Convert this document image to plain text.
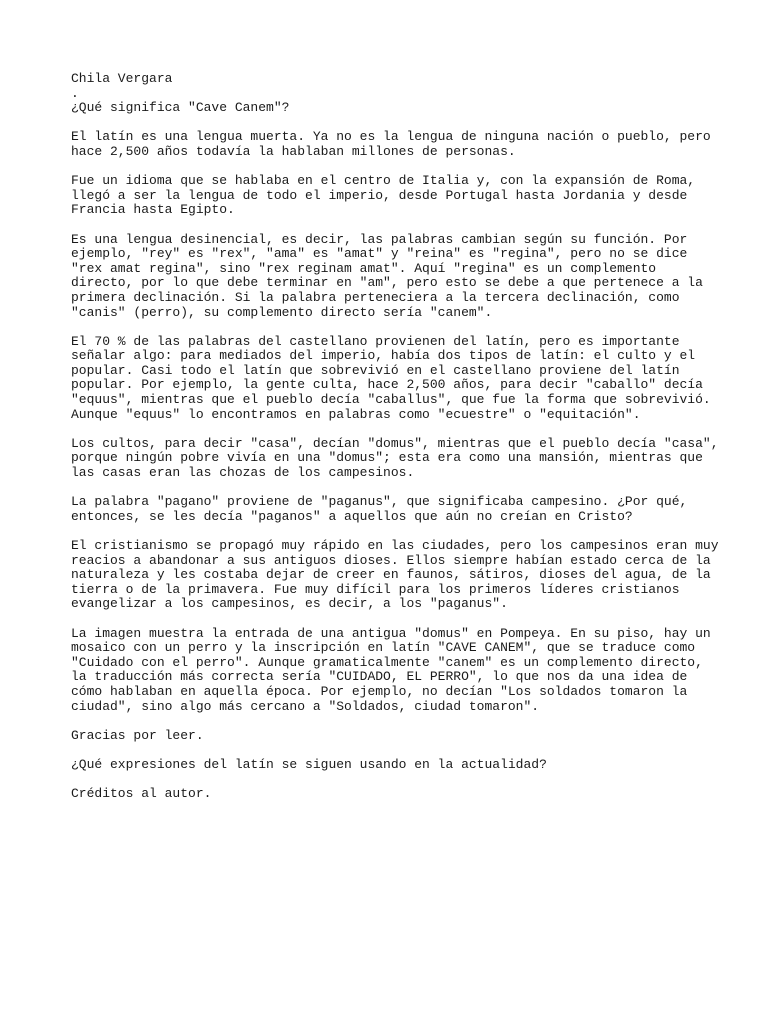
Chila Vergara
.
¿Qué significa "Cave Canem"?
El latín es una lengua muerta. Ya no es la lengua de ninguna nación o pueblo, pero
hace 2,500 años todavía la hablaban millones de personas.
Fue un idioma que se hablaba en el centro de Italia y, con la expansión de Roma,
llegó a ser la lengua de todo el imperio, desde Portugal hasta Jordania y desde
Francia hasta Egipto.
Es una lengua desinencial, es decir, las palabras cambian según su función. Por
ejemplo, "rey" es "rex", "ama" es "amat" y "reina" es "regina", pero no se dice
"rex amat regina", sino "rex reginam amat". Aquí "regina" es un complemento
directo, por lo que debe terminar en "am", pero esto se debe a que pertenece a la
primera declinación. Si la palabra perteneciera a la tercera declinación, como
"canis" (perro), su complemento directo sería "canem".
El 70 % de las palabras del castellano provienen del latín, pero es importante
señalar algo: para mediados del imperio, había dos tipos de latín: el culto y el
popular. Casi todo el latín que sobrevivió en el castellano proviene del latín
popular. Por ejemplo, la gente culta, hace 2,500 años, para decir "caballo" decía
"equus", mientras que el pueblo decía "caballus", que fue la forma que sobrevivió.
Aunque "equus" lo encontramos en palabras como "ecuestre" o "equitación".
Los cultos, para decir "casa", decían "domus", mientras que el pueblo decía "casa",
porque ningún pobre vivía en una "domus"; esta era como una mansión, mientras que
las casas eran las chozas de los campesinos.
La palabra "pagano" proviene de "paganus", que significaba campesino. ¿Por qué,
entonces, se les decía "paganos" a aquellos que aún no creían en Cristo?
El cristianismo se propagó muy rápido en las ciudades, pero los campesinos eran muy
reacios a abandonar a sus antiguos dioses. Ellos siempre habían estado cerca de la
naturaleza y les costaba dejar de creer en faunos, sátiros, dioses del agua, de la
tierra o de la primavera. Fue muy difícil para los primeros líderes cristianos
evangelizar a los campesinos, es decir, a los "paganus".
La imagen muestra la entrada de una antigua "domus" en Pompeya. En su piso, hay un
mosaico con un perro y la inscripción en latín "CAVE CANEM", que se traduce como
"Cuidado con el perro". Aunque gramaticalmente "canem" es un complemento directo,
la traducción más correcta sería "CUIDADO, EL PERRO", lo que nos da una idea de
cómo hablaban en aquella época. Por ejemplo, no decían "Los soldados tomaron la
ciudad", sino algo más cercano a "Soldados, ciudad tomaron".
Gracias por leer.
¿Qué expresiones del latín se siguen usando en la actualidad?
Créditos al autor.
